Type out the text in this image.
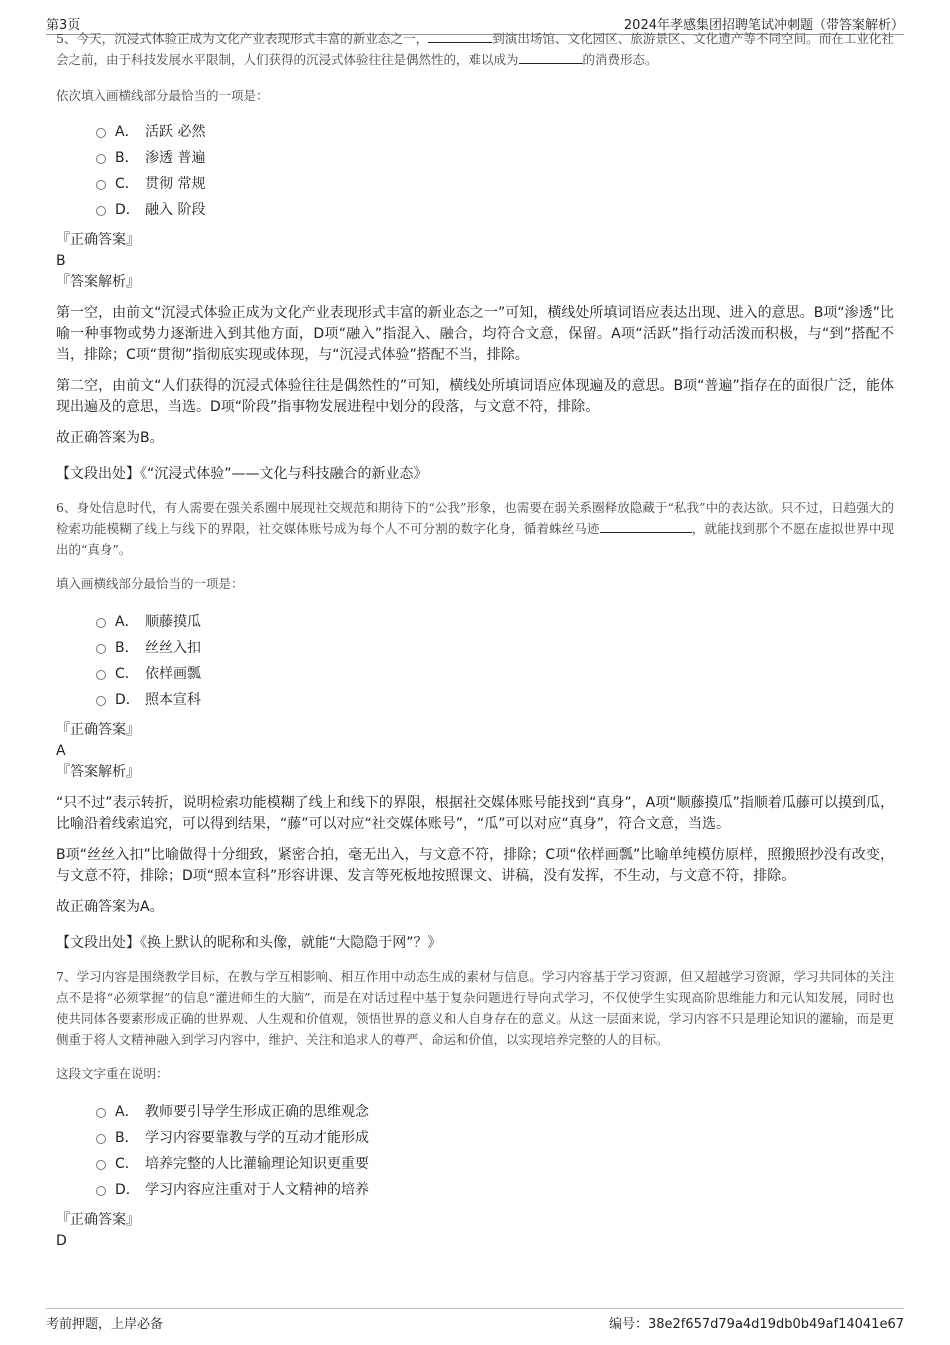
第3页	2024年孝感集团招聘笔试冲刺题（带答案解析）

5、今天，沉浸式体验正成为文化产业表现形式丰富的新业态之一，	到演出场馆、文化园区、旅游景区、文化遗产等不同空间。而在工业化社会之前，由于科技发展水平限制，人们获得的沉浸式体验往往是偶然性的，难以成为	的消费形态。

依次填入画横线部分最恰当的一项是：

A． 活跃 必然
B． 渗透 普遍
C． 贯彻 常规
D． 融入 阶段

『正确答案』

B

『答案解析』

第一空，由前文“沉浸式体验正成为文化产业表现形式丰富的新业态之一”可知，横线处所填词语应表达出现、进入的意思。B项“渗透”比喻一种事物或势力逐渐进入到其他方面，D项“融入”指混入、融合，均符合文意，保留。A项“活跃”指行动活泼而积极，与“到”搭配不当，排除；C项“贯彻”指彻底实现或体现，与“沉浸式体验”搭配不当，排除。

第二空，由前文“人们获得的沉浸式体验往往是偶然性的”可知，横线处所填词语应体现遍及的意思。B项“普遍”指存在的面很广泛，能体现出遍及的意思，当选。D项“阶段”指事物发展进程中划分的段落，与文意不符，排除。

故正确答案为B。

【文段出处】《“沉浸式体验”——文化与科技融合的新业态》

6、身处信息时代，有人需要在强关系圈中展现社交规范和期待下的“公我”形象，也需要在弱关系圈释放隐藏于“私我”中的表达欲。只不过，日趋强大的检索功能模糊了线上与线下的界限，社交媒体账号成为每个人不可分割的数字化身，循着蛛丝马迹	，就能找到那个不愿在虚拟世界中现出的“真身”。

填入画横线部分最恰当的一项是：

A． 顺藤摸瓜
B． 丝丝入扣
C． 依样画瓢
D． 照本宣科

『正确答案』

A

『答案解析』

“只不过”表示转折，说明检索功能模糊了线上和线下的界限，根据社交媒体账号能找到“真身”，A项“顺藤摸瓜”指顺着瓜藤可以摸到瓜，比喻沿着线索追究，可以得到结果，“藤”可以对应“社交媒体账号”，“瓜”可以对应“真身”，符合文意，当选。

B项“丝丝入扣”比喻做得十分细致，紧密合拍，毫无出入，与文意不符，排除；C项“依样画瓢”比喻单纯模仿原样，照搬照抄没有改变，与文意不符，排除；D项“照本宣科”形容讲课、发言等死板地按照课文、讲稿，没有发挥，不生动，与文意不符，排除。

故正确答案为A。

【文段出处】《换上默认的昵称和头像，就能“大隐隐于网”？》

7、学习内容是围绕教学目标，在教与学互相影响、相互作用中动态生成的素材与信息。学习内容基于学习资源，但又超越学习资源，学习共同体的关注点不是将“必须掌握”的信息“灌进师生的大脑”，而是在对话过程中基于复杂问题进行导向式学习，不仅使学生实现高阶思维能力和元认知发展，同时也使共同体各要素形成正确的世界观、人生观和价值观，领悟世界的意义和人自身存在的意义。从这一层面来说，学习内容不只是理论知识的灌输，而是更侧重于将人文精神融入到学习内容中，维护、关注和追求人的尊严、命运和价值，以实现培养完整的人的目标。

这段文字重在说明：

A． 教师要引导学生形成正确的思维观念
B． 学习内容要靠教与学的互动才能形成
C． 培养完整的人比灌输理论知识更重要
D． 学习内容应注重对于人文精神的培养

『正确答案』

D

考前押题，上岸必备	编号：38e2f657d79a4d19db0b49af14041e67
